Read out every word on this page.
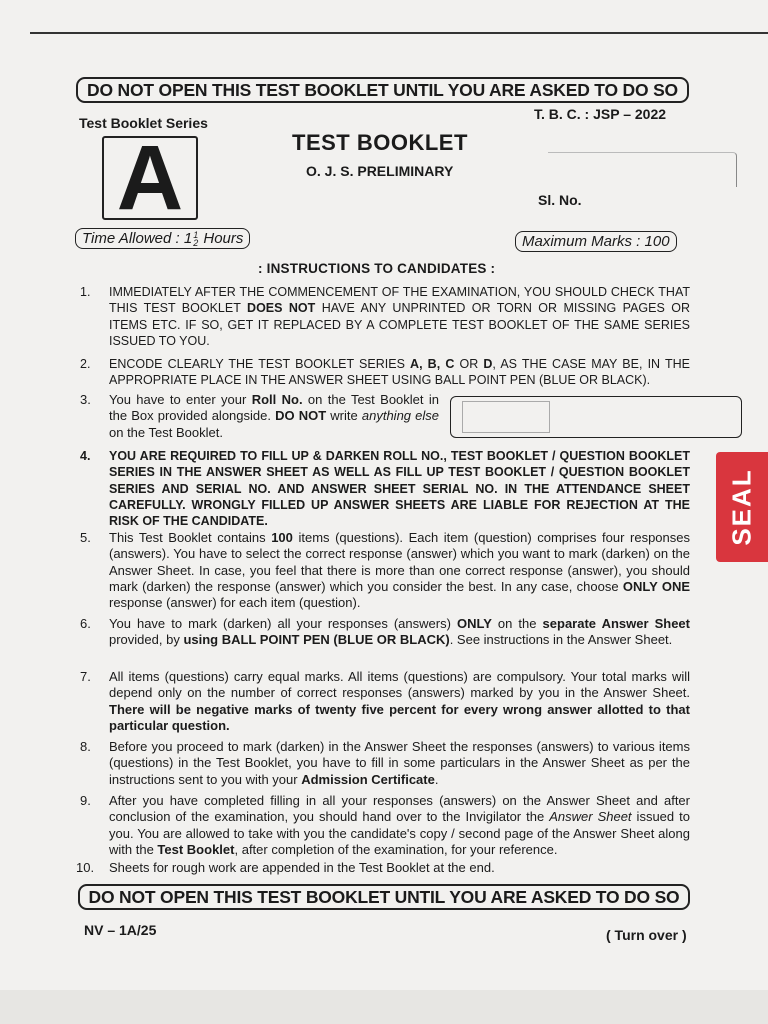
DO NOT OPEN THIS TEST BOOKLET UNTIL YOU ARE ASKED TO DO SO
Test Booklet Series
A	TEST BOOKLET
O. J. S. PRELIMINARY
T. B. C. : JSP – 2022
Sl. No.
Time Allowed : 1 1
2 Hours	Maximum Marks : 100
: INSTRUCTIONS TO CANDIDATES :
1. IMMEDIATELY AFTER THE COMMENCEMENT OF THE EXAMINATION, YOU SHOULD CHECK THAT THIS TEST BOOKLET DOES NOT HAVE ANY UNPRINTED OR TORN OR MISSING PAGES OR ITEMS ETC. IF SO, GET IT REPLACED BY A COMPLETE TEST BOOKLET OF THE SAME SERIES ISSUED TO YOU.
2. ENCODE CLEARLY THE TEST BOOKLET SERIES A, B, C OR D, AS THE CASE MAY BE, IN THE APPROPRIATE PLACE IN THE ANSWER SHEET USING BALL POINT PEN (BLUE OR BLACK).
3. You have to enter your Roll No. on the Test Booklet in the Box provided alongside. DO NOT write anything else on the Test Booklet.
4. YOU ARE REQUIRED TO FILL UP & DARKEN ROLL NO., TEST BOOKLET / QUESTION BOOKLET SERIES IN THE ANSWER SHEET AS WELL AS FILL UP TEST BOOKLET / QUESTION BOOKLET SERIES AND SERIAL NO. AND ANSWER SHEET SERIAL NO. IN THE ATTENDANCE SHEET CAREFULLY. WRONGLY FILLED UP ANSWER SHEETS ARE LIABLE FOR REJECTION AT THE RISK OF THE CANDIDATE.
5. This Test Booklet contains 100 items (questions). Each item (question) comprises four responses (answers). You have to select the correct response (answer) which you want to mark (darken) on the Answer Sheet. In case, you feel that there is more than one correct response (answer), you should mark (darken) the response (answer) which you consider the best. In any case, choose ONLY ONE response (answer) for each item (question).
6. You have to mark (darken) all your responses (answers) ONLY on the separate Answer Sheet provided, by using BALL POINT PEN (BLUE OR BLACK). See instructions in the Answer Sheet.
7. All items (questions) carry equal marks. All items (questions) are compulsory. Your total marks will depend only on the number of correct responses (answers) marked by you in the Answer Sheet. There will be negative marks of twenty five percent for every wrong answer allotted to that particular question.
8. Before you proceed to mark (darken) in the Answer Sheet the responses (answers) to various items (questions) in the Test Booklet, you have to fill in some particulars in the Answer Sheet as per the instructions sent to you with your Admission Certificate.
9. After you have completed filling in all your responses (answers) on the Answer Sheet and after conclusion of the examination, you should hand over to the Invigilator the Answer Sheet issued to you. You are allowed to take with you the candidate's copy / second page of the Answer Sheet along with the Test Booklet, after completion of the examination, for your reference.
10. Sheets for rough work are appended in the Test Booklet at the end.
DO NOT OPEN THIS TEST BOOKLET UNTIL YOU ARE ASKED TO DO SO
SEAL
NV – 1A/25	( Turn over )
